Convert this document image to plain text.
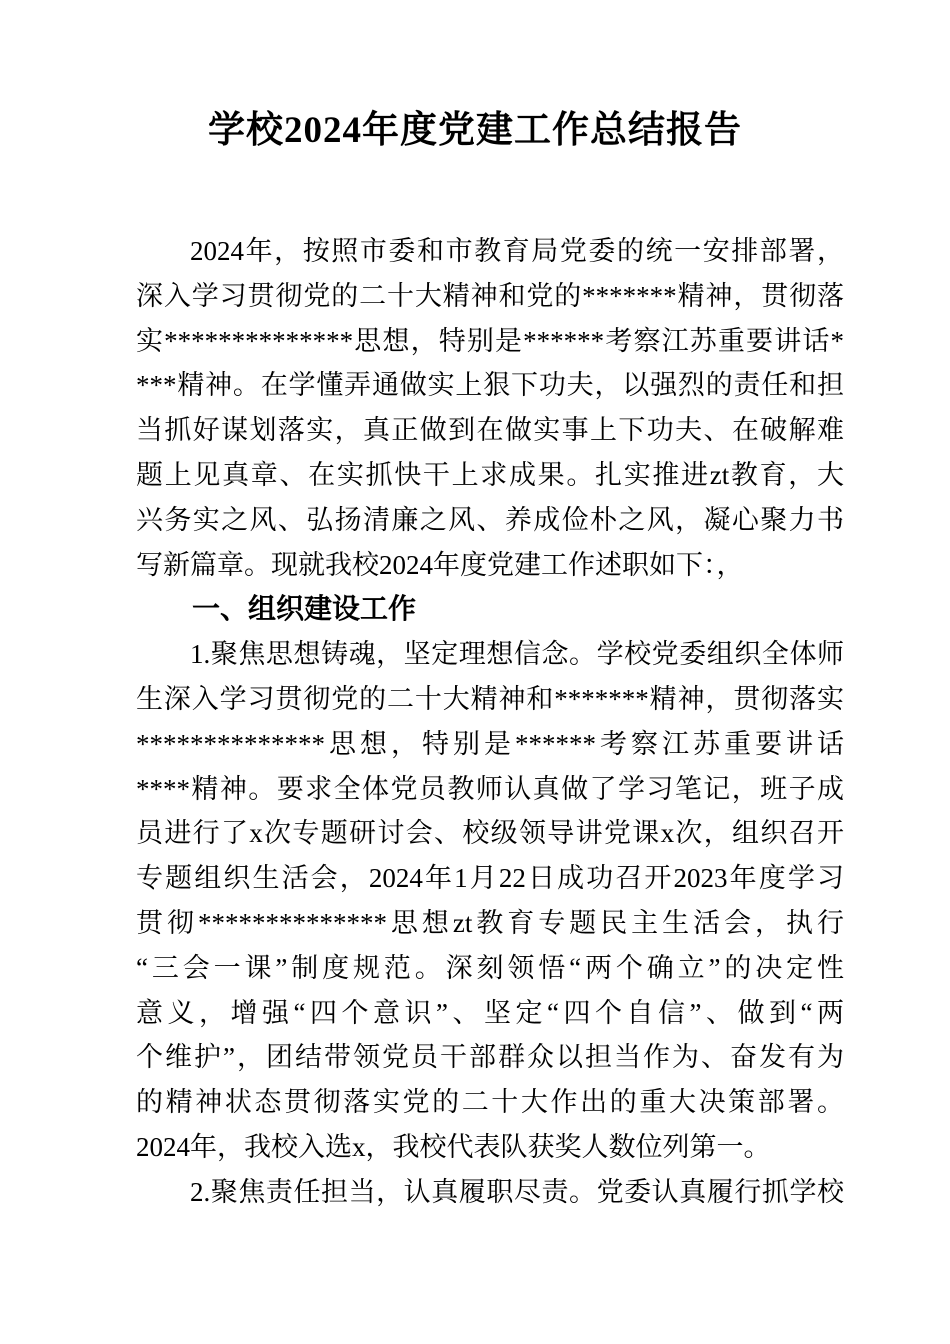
学校2024年度党建工作总结报告
2024年，按照市委和市教育局党委的统一安排部署，
深入学习贯彻党的二十大精神和党的*******精神，贯彻落
实**************思想，特别是******考察江苏重要讲话*
***精神。在学懂弄通做实上狠下功夫，以强烈的责任和担
当抓好谋划落实，真正做到在做实事上下功夫、在破解难
题上见真章、在实抓快干上求成果。扎实推进zt教育，大
兴务实之风、弘扬清廉之风、养成俭朴之风，凝心聚力书
写新篇章。现就我校2024年度党建工作述职如下：，
一、组织建设工作
1.聚焦思想铸魂，坚定理想信念。学校党委组织全体师
生深入学习贯彻党的二十大精神和*******精神，贯彻落实
**************思想，特别是******考察江苏重要讲话
****精神。要求全体党员教师认真做了学习笔记，班子成
员进行了x次专题研讨会、校级领导讲党课x次，组织召开
专题组织生活会，2024年1月22日成功召开2023年度学习
贯彻**************思想zt教育专题民主生活会，执行
“三会一课”制度规范。深刻领悟“两个确立”的决定性
意义，增强“四个意识”、坚定“四个自信”、做到“两
个维护”，团结带领党员干部群众以担当作为、奋发有为
的精神状态贯彻落实党的二十大作出的重大决策部署。
2024年，我校入选x，我校代表队获奖人数位列第一。
2.聚焦责任担当，认真履职尽责。党委认真履行抓学校
